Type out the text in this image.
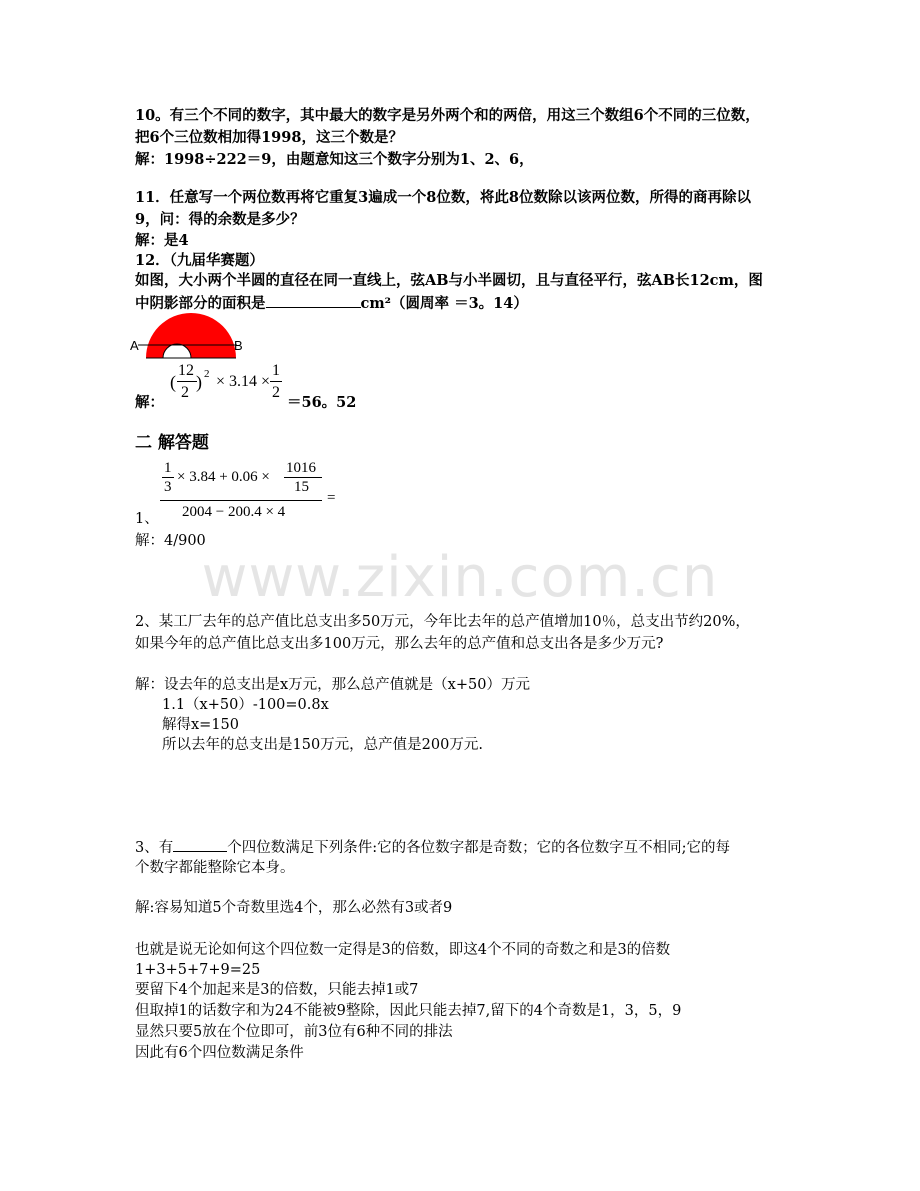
www.zixin.com.cn
10。有三个不同的数字，其中最大的数字是另外两个和的两倍，用这三个数组6个不同的三位数，
把6个三位数相加得1998，这三个数是？
解：1998÷222＝9，由题意知这三个数字分别为1、2、6，
11．任意写一个两位数再将它重复3遍成一个8位数，将此8位数除以该两位数，所得的商再除以
9，问：得的余数是多少？
解：是4
12．（九届华赛题）
如图，大小两个半圆的直径在同一直线上，弦AB与小半圆切，且与直径平行，弦AB长12cm，图
中阴影部分的面积是	cm²（圆周率 ＝3。14）
A	B
解：
(
12
2
) 2 × 3.14 ×
1
2
＝56。52
二 解答题
1
3
× 3.84 + 0.06 ×
1016
15
2004 − 200.4 × 4
=
1、
解：4/900
2、某工厂去年的总产值比总支出多50万元，今年比去年的总产值增加10％，总支出节约20%，
如果今年的总产值比总支出多100万元，那么去年的总产值和总支出各是多少万元?
解：设去年的总支出是x万元，那么总产值就是（x+50）万元
1.1（x+50）-100=0.8x
解得x=150
所以去年的总支出是150万元，总产值是200万元.
3、有	个四位数满足下列条件:它的各位数字都是奇数；它的各位数字互不相同;它的每
个数字都能整除它本身。
解:容易知道5个奇数里选4个，那么必然有3或者9
也就是说无论如何这个四位数一定得是3的倍数，即这4个不同的奇数之和是3的倍数
1+3+5+7+9=25
要留下4个加起来是3的倍数，只能去掉1或7
但取掉1的话数字和为24不能被9整除，因此只能去掉7,留下的4个奇数是1，3，5，9
显然只要5放在个位即可，前3位有6种不同的排法
因此有6个四位数满足条件
